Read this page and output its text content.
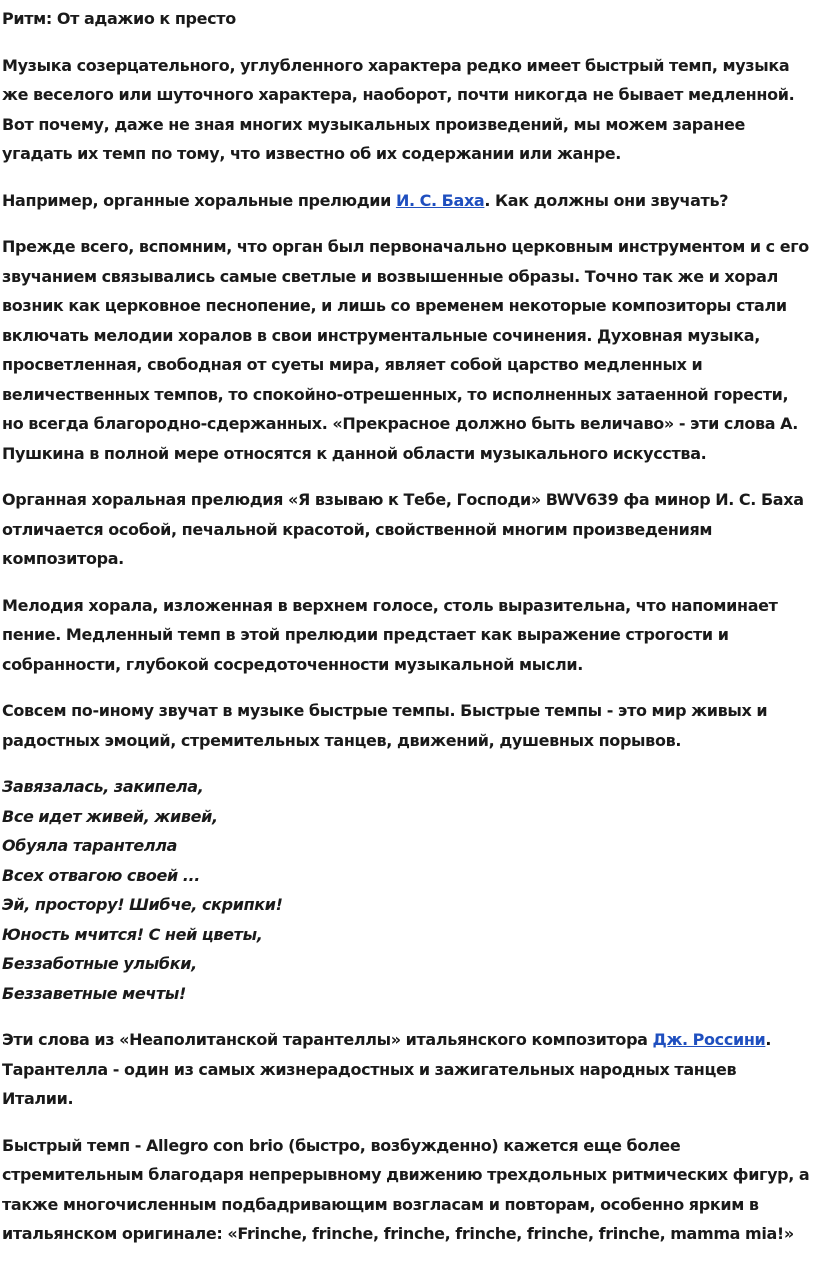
Ритм: От адажио к престо
Музыка созерцательного, углубленного характера редко имеет быстрый темп, музыка же веселого или шуточного характера, наоборот, почти никогда не бывает медленной. Вот почему, даже не зная многих музыкальных произведений, мы можем заранее угадать их темп по тому, что известно об их содержании или жанре.
Например, органные хоральные прелюдии И. С. Баха. Как должны они звучать?
Прежде всего, вспомним, что орган был первоначально церковным инструментом и с его звучанием связывались самые светлые и возвышенные образы. Точно так же и хорал возник как церковное песнопение, и лишь со временем некоторые композиторы стали включать мелодии хоралов в свои инструментальные сочинения. Духовная музыка, просветленная, свободная от суеты мира, являет собой царство медленных и величественных темпов, то спокойно-отрешенных, то исполненных затаенной горести, но всегда благородно-сдержанных. «Прекрасное должно быть величаво» - эти слова А. Пушкина в полной мере относятся к данной области музыкального искусства.
Органная хоральная прелюдия «Я взываю к Тебе, Господи» BWV639 фа минор И. С. Баха отличается особой, печальной красотой, свойственной многим произведениям композитора.
Мелодия хорала, изложенная в верхнем голосе, столь выразительна, что напоминает пение. Медленный темп в этой прелюдии предстает как выражение строгости и собранности, глубокой сосредоточенности музыкальной мысли.
Совсем по-иному звучат в музыке быстрые темпы. Быстрые темпы - это мир живых и радостных эмоций, стремительных танцев, движений, душевных порывов.
Завязалась, закипела,
Все идет живей, живей,
Обуяла тарантелла
Всех отвагою своей ...
Эй, простору! Шибче, скрипки!
Юность мчится! С ней цветы,
Беззаботные улыбки,
Беззаветные мечты!
Эти слова из «Неаполитанской тарантеллы» итальянского композитора Дж. Россини. Тарантелла - один из самых жизнерадостных и зажигательных народных танцев Италии.
Быстрый темп - Allegro con brio (быстро, возбужденно) кажется еще более стремительным благодаря непрерывному движению трехдольных ритмических фигур, а также многочисленным подбадривающим возгласам и повторам, особенно ярким в итальянском оригинале: «Frinche, frinche, frinche, frinche, frinche, frinche, mamma mia!»
